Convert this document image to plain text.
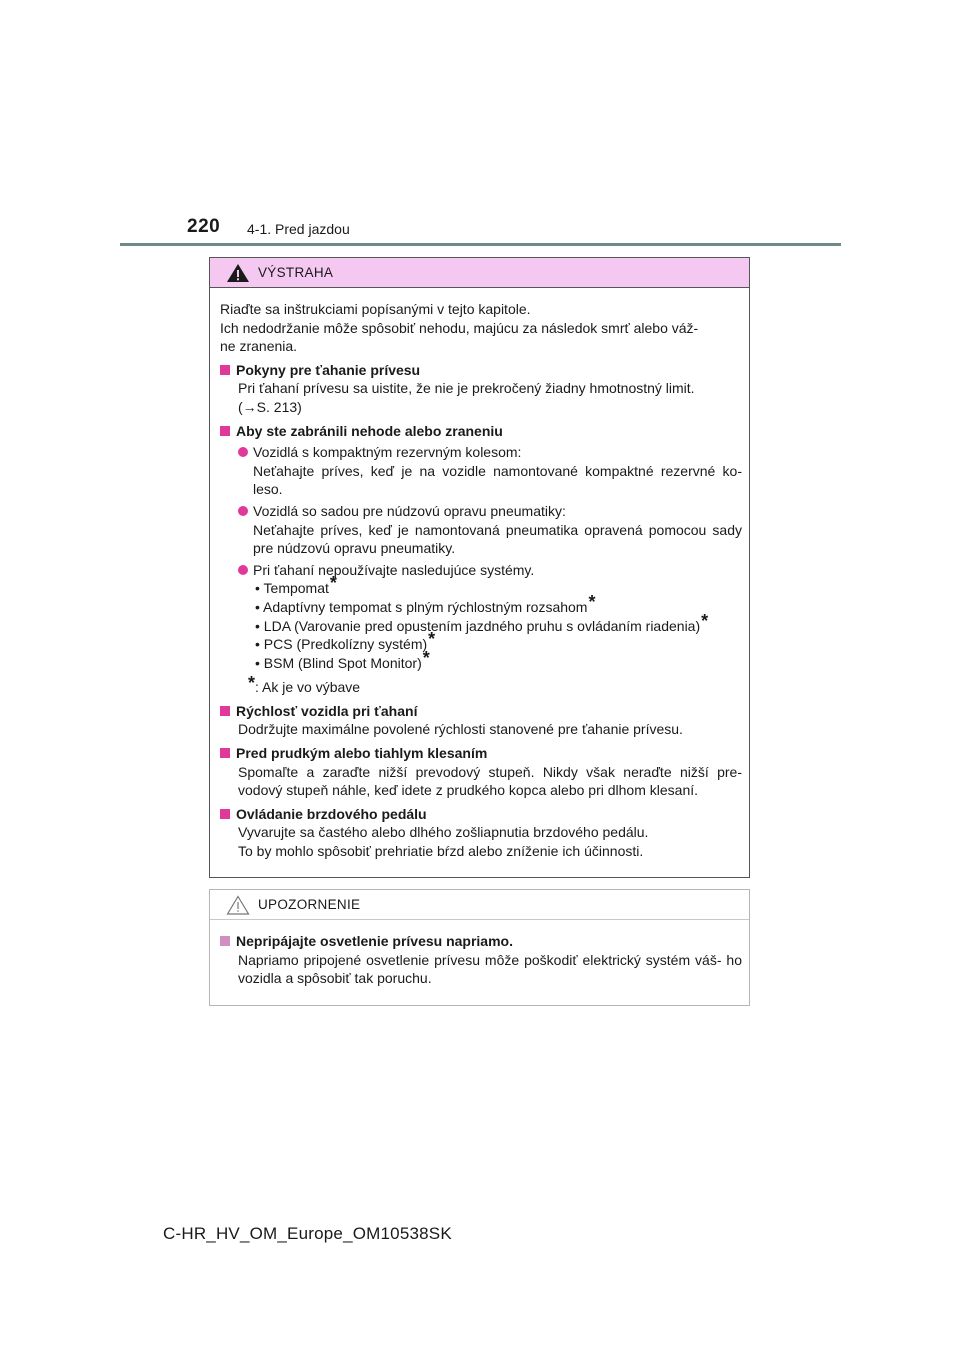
220 4-1. Pred jazdou
VÝSTRAHA

Riaďte sa inštrukciami popísanými v tejto kapitole.

Ich nedodržanie môže spôsobiť nehodu, majúcu za následok smrť alebo váž-

ne zranenia.

Pokyny pre ťahanie prívesu

Pri ťahaní prívesu sa uistite, že nie je prekročený žiadny hmotnostný limit.

(→S. 213)

Aby ste zabránili nehode alebo zraneniu

Vozidlá s kompaktným rezervným kolesom:

Neťahajte príves, keď je na vozidle namontované kompaktné rezervné ko- leso.

Vozidlá so sadou pre núdzovú opravu pneumatiky:

Neťahajte príves, keď je namontovaná pneumatika opravená pomocou sady pre núdzovú opravu pneumatiky.

Pri ťahaní nepoužívajte nasledujúce systémy.

• Tempomat*

• Adaptívny tempomat s plným rýchlostným rozsahom*

• LDA (Varovanie pred opustením jazdného pruhu s ovládaním riadenia)*

• PCS (Predkolízny systém)*

• BSM (Blind Spot Monitor)*

*: Ak je vo výbave

Rýchlosť vozidla pri ťahaní

Dodržujte maximálne povolené rýchlosti stanovené pre ťahanie prívesu.

Pred prudkým alebo tiahlym klesaním

Spomaľte a zaraďte nižší prevodový stupeň. Nikdy však neraďte nižší pre- vodový stupeň náhle, keď idete z prudkého kopca alebo pri dlhom klesaní.

Ovládanie brzdového pedálu

Vyvarujte sa častého alebo dlhého zošliapnutia brzdového pedálu.

To by mohlo spôsobiť prehriatie bŕzd alebo zníženie ich účinnosti.

UPOZORNENIE
Nepripájajte osvetlenie prívesu napriamo.

Napriamo pripojené osvetlenie prívesu môže poškodiť elektrický systém váš- ho vozidla a spôsobiť tak poruchu.

C-HR_HV_OM_Europe_OM10538SK
